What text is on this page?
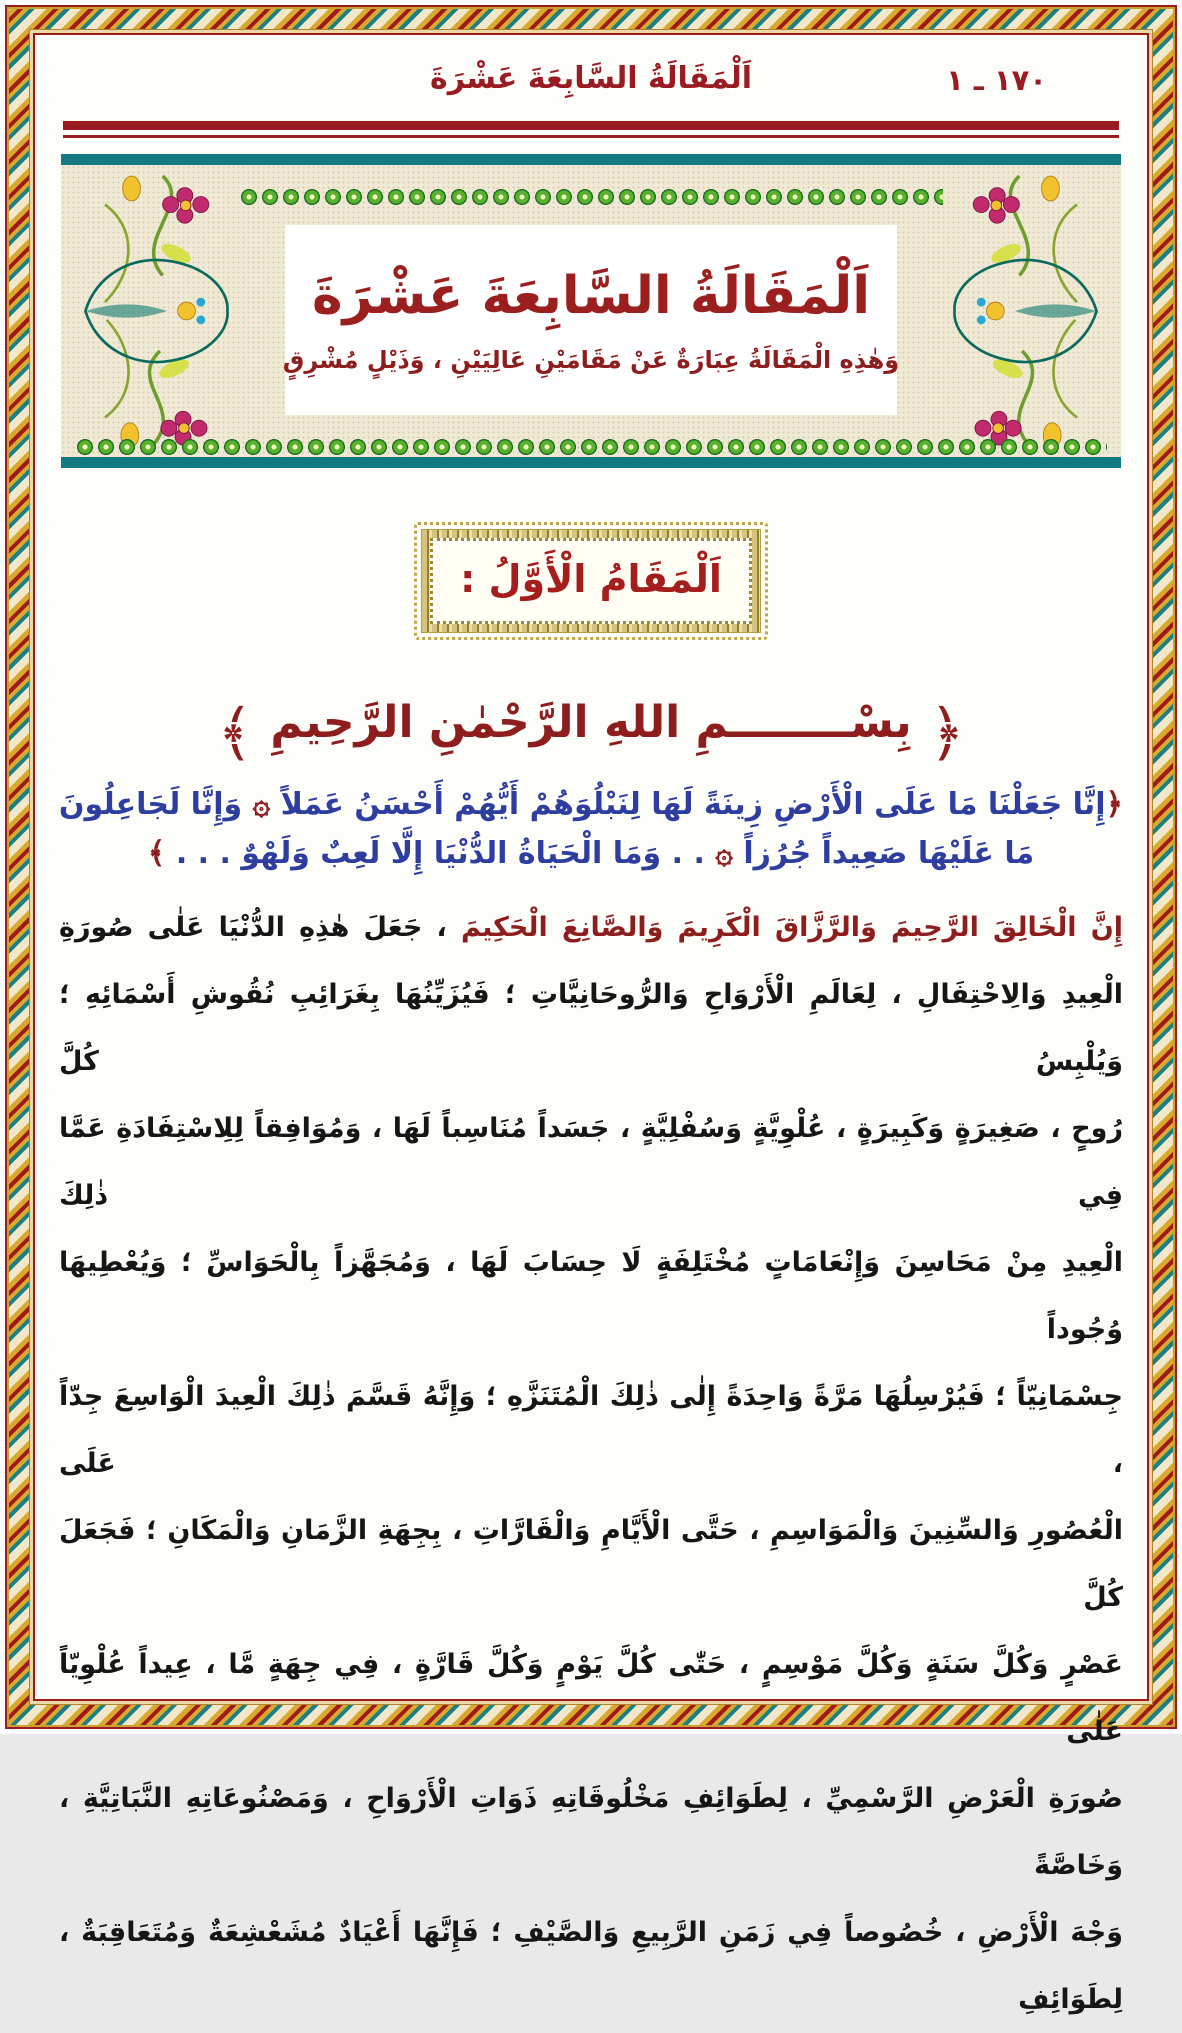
١٧٠ ـ ١
اَلْمَقَالَةُ السَّابِعَةَ عَشْرَةَ
اَلْمَقَالَةُ السَّابِعَةَ عَشْرَةَ

وَهٰذِهِ الْمَقَالَةُ عِبَارَةٌ عَنْ مَقَامَيْنِ عَالِيَيْنِ ، وَذَيْلٍ مُشْرِقٍ

اَلْمَقَامُ الْأَوَّلُ :
﴿ بِسْــــــــمِ اللهِ الرَّحْمٰنِ الرَّحِيمِ ﴾
﴿إِنَّا جَعَلْنَا مَا عَلَى الْأَرْضِ زِينَةً لَهَا لِنَبْلُوَهُمْ أَيُّهُمْ أَحْسَنُ عَمَلاً ۞ وَإِنَّا لَجَاعِلُونَ
مَا عَلَيْهَا صَعِيداً جُرُزاً ۞ . . وَمَا الْحَيَاةُ الدُّنْيَا إِلَّا لَعِبٌ وَلَهْوٌ . . . ﴾
إِنَّ الْخَالِقَ الرَّحِيمَ وَالرَّزَّاقَ الْكَرِيمَ وَالصَّانِعَ الْحَكِيمَ ، جَعَلَ هٰذِهِ الدُّنْيَا عَلٰى صُورَةِ
الْعِيدِ وَالِاحْتِفَالِ ، لِعَالَمِ الْأَرْوَاحِ وَالرُّوحَانِيَّاتِ ؛ فَيُزَيِّنُهَا بِغَرَائِبِ نُقُوشِ أَسْمَائِهِ ؛ وَيُلْبِسُ كُلَّ
رُوحٍ ، صَغِيرَةٍ وَكَبِيرَةٍ ، عُلْوِيَّةٍ وَسُفْلِيَّةٍ ، جَسَداً مُنَاسِباً لَهَا ، وَمُوَافِقاً لِلِاسْتِفَادَةِ عَمَّا فِي ذٰلِكَ
الْعِيدِ مِنْ مَحَاسِنَ وَإِنْعَامَاتٍ مُخْتَلِفَةٍ لَا حِسَابَ لَهَا ، وَمُجَهَّزاً بِالْحَوَاسِّ ؛ وَيُعْطِيهَا وُجُوداً
جِسْمَانِيّاً ؛ فَيُرْسِلُهَا مَرَّةً وَاحِدَةً إِلٰى ذٰلِكَ الْمُتَنَزَّهِ ؛ وَإِنَّهُ قَسَّمَ ذٰلِكَ الْعِيدَ الْوَاسِعَ جِدّاً ، عَلَى
الْعُصُورِ وَالسِّنِينَ وَالْمَوَاسِمِ ، حَتَّى الْأَيَّامِ وَالْقَارَّاتِ ، بِجِهَةِ الزَّمَانِ وَالْمَكَانِ ؛ فَجَعَلَ كُلَّ
عَصْرٍ وَكُلَّ سَنَةٍ وَكُلَّ مَوْسِمٍ ، حَتّٰى كُلَّ يَوْمٍ وَكُلَّ قَارَّةٍ ، فِي جِهَةٍ مَّا ، عِيداً عُلْوِيّاً عَلٰى
صُورَةِ الْعَرْضِ الرَّسْمِيِّ ، لِطَوَائِفِ مَخْلُوقَاتِهِ ذَوَاتِ الْأَرْوَاحِ ، وَمَصْنُوعَاتِهِ النَّبَاتِيَّةِ ، وَخَاصَّةً
وَجْهَ الْأَرْضِ ، خُصُوصاً فِي زَمَنِ الرَّبِيعِ وَالصَّيْفِ ؛ فَإِنَّهَا أَعْيَادٌ مُشَعْشِعَةٌ وَمُتَعَاقِبَةٌ ، لِطَوَائِفِ
